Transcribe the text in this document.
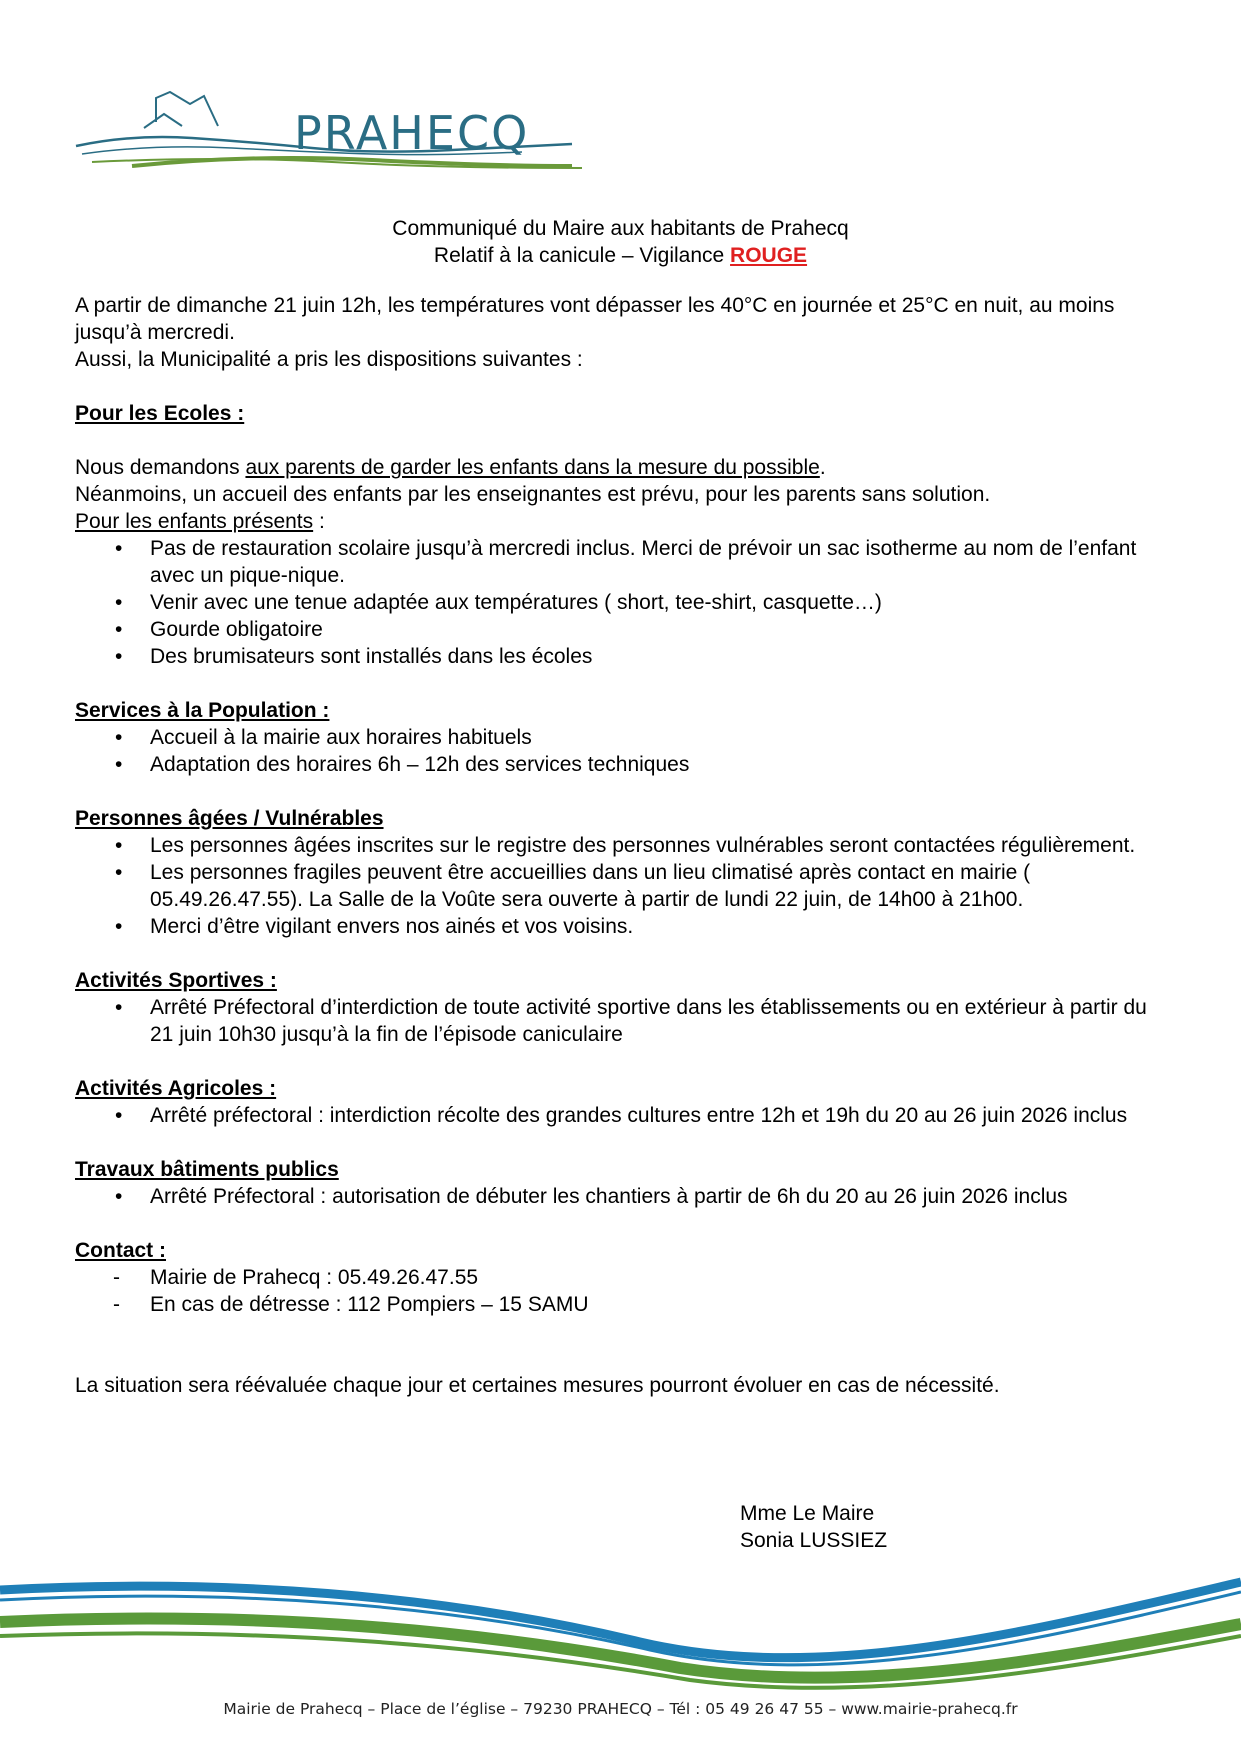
PRAHECQ
Communiqué du Maire aux habitants de Prahecq
Relatif à la canicule – Vigilance ROUGE

A partir de dimanche 21 juin 12h, les températures vont dépasser les 40°C en journée et 25°C en nuit, au moins jusqu’à mercredi.

Aussi, la Municipalité a pris les dispositions suivantes :

Pour les Ecoles :

Nous demandons aux parents de garder les enfants dans la mesure du possible.

Néanmoins, un accueil des enfants par les enseignantes est prévu, pour les parents sans solution.

Pour les enfants présents :

• Pas de restauration scolaire jusqu’à mercredi inclus. Merci de prévoir un sac isotherme au nom de l’enfant avec un pique-nique.
• Venir avec une tenue adaptée aux températures ( short, tee-shirt, casquette…)
• Gourde obligatoire
• Des brumisateurs sont installés dans les écoles

Services à la Population :

• Accueil à la mairie aux horaires habituels
• Adaptation des horaires 6h – 12h des services techniques

Personnes âgées / Vulnérables

• Les personnes âgées inscrites sur le registre des personnes vulnérables seront contactées régulièrement.
• Les personnes fragiles peuvent être accueillies dans un lieu climatisé après contact en mairie ( 05.49.26.47.55). La Salle de la Voûte sera ouverte à partir de lundi 22 juin, de 14h00 à 21h00.
• Merci d’être vigilant envers nos ainés et vos voisins.

Activités Sportives :

• Arrêté Préfectoral d’interdiction de toute activité sportive dans les établissements ou en extérieur à partir du 21 juin 10h30 jusqu’à la fin de l’épisode caniculaire

Activités Agricoles :

• Arrêté préfectoral : interdiction récolte des grandes cultures entre 12h et 19h du 20 au 26 juin 2026 inclus

Travaux bâtiments publics

• Arrêté Préfectoral : autorisation de débuter les chantiers à partir de 6h du 20 au 26 juin 2026 inclus

Contact :

- Mairie de Prahecq : 05.49.26.47.55
- En cas de détresse : 112 Pompiers – 15 SAMU

La situation sera réévaluée chaque jour et certaines mesures pourront évoluer en cas de nécessité.

Mme Le Maire
Sonia LUSSIEZ
Mairie de Prahecq – Place de l’église – 79230 PRAHECQ – Tél : 05 49 26 47 55 – www.mairie-prahecq.fr
